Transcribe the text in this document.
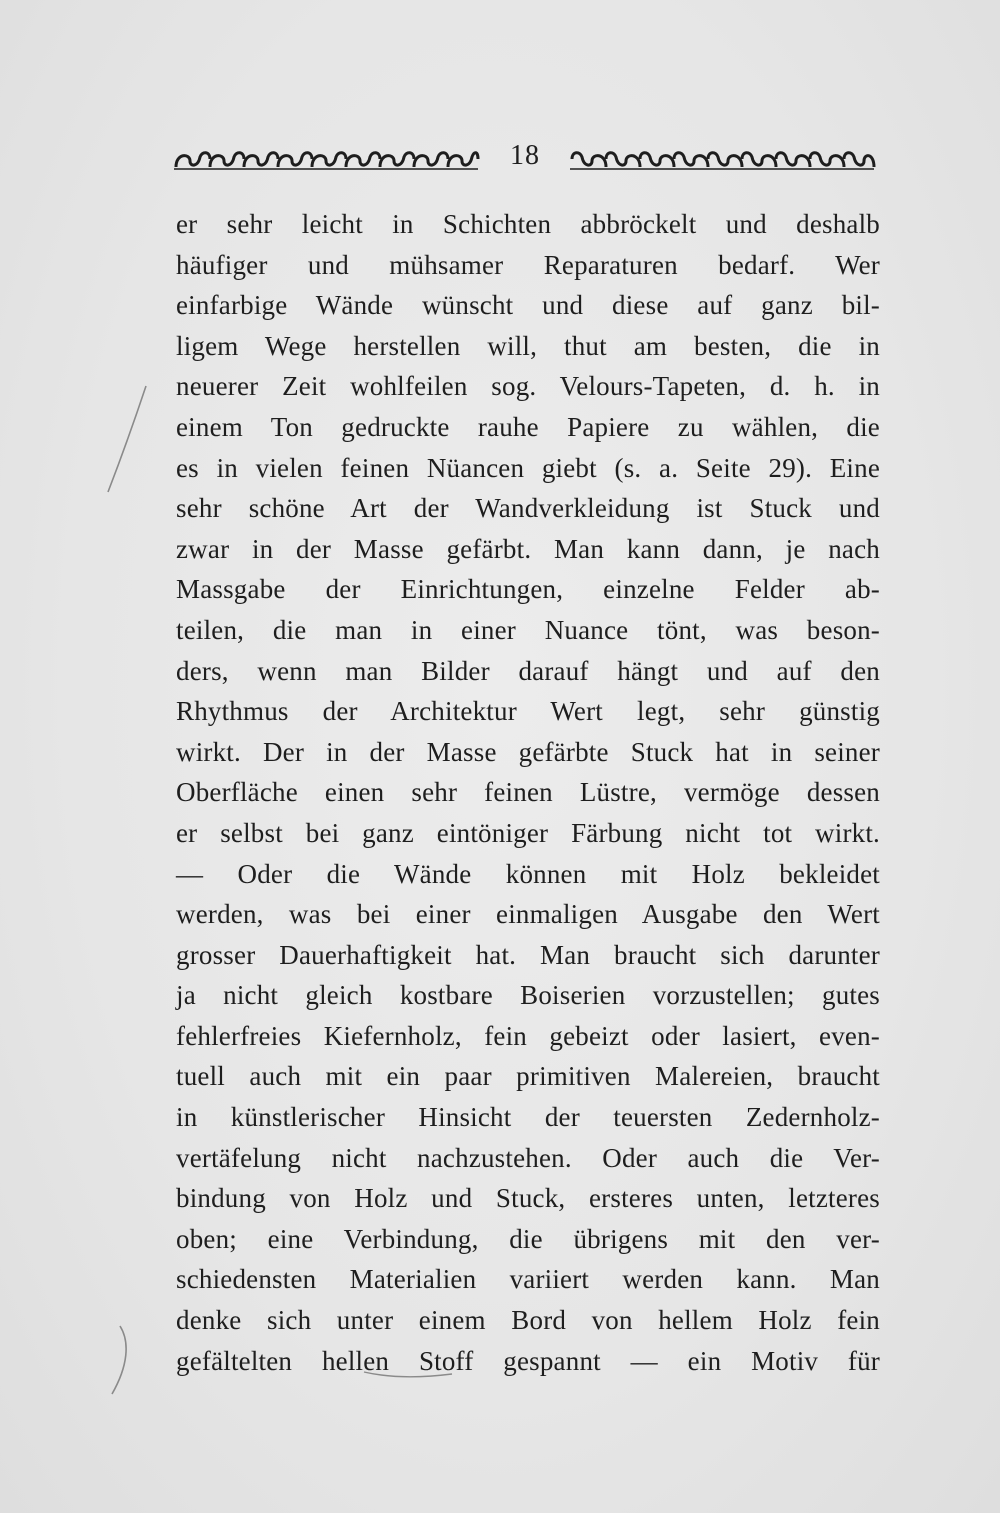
18
er sehr leicht in Schichten abbröckelt und deshalb
häufiger und mühsamer Reparaturen bedarf. Wer
einfarbige Wände wünscht und diese auf ganz bil-
ligem Wege herstellen will, thut am besten, die in
neuerer Zeit wohlfeilen sog. Velours-Tapeten, d. h. in
einem Ton gedruckte rauhe Papiere zu wählen, die
es in vielen feinen Nüancen giebt (s. a. Seite 29). Eine
sehr schöne Art der Wandverkleidung ist Stuck und
zwar in der Masse gefärbt. Man kann dann, je nach
Massgabe der Einrichtungen, einzelne Felder ab-
teilen, die man in einer Nuance tönt, was beson-
ders, wenn man Bilder darauf hängt und auf den
Rhythmus der Architektur Wert legt, sehr günstig
wirkt. Der in der Masse gefärbte Stuck hat in seiner
Oberfläche einen sehr feinen Lüstre, vermöge dessen
er selbst bei ganz eintöniger Färbung nicht tot wirkt.
— Oder die Wände können mit Holz bekleidet
werden, was bei einer einmaligen Ausgabe den Wert
grosser Dauerhaftigkeit hat. Man braucht sich darunter
ja nicht gleich kostbare Boiserien vorzustellen; gutes
fehlerfreies Kiefernholz, fein gebeizt oder lasiert, even-
tuell auch mit ein paar primitiven Malereien, braucht
in künstlerischer Hinsicht der teuersten Zedernholz-
vertäfelung nicht nachzustehen. Oder auch die Ver-
bindung von Holz und Stuck, ersteres unten, letzteres
oben; eine Verbindung, die übrigens mit den ver-
schiedensten Materialien variiert werden kann. Man
denke sich unter einem Bord von hellem Holz fein
gefältelten hellen Stoff gespannt — ein Motiv für
